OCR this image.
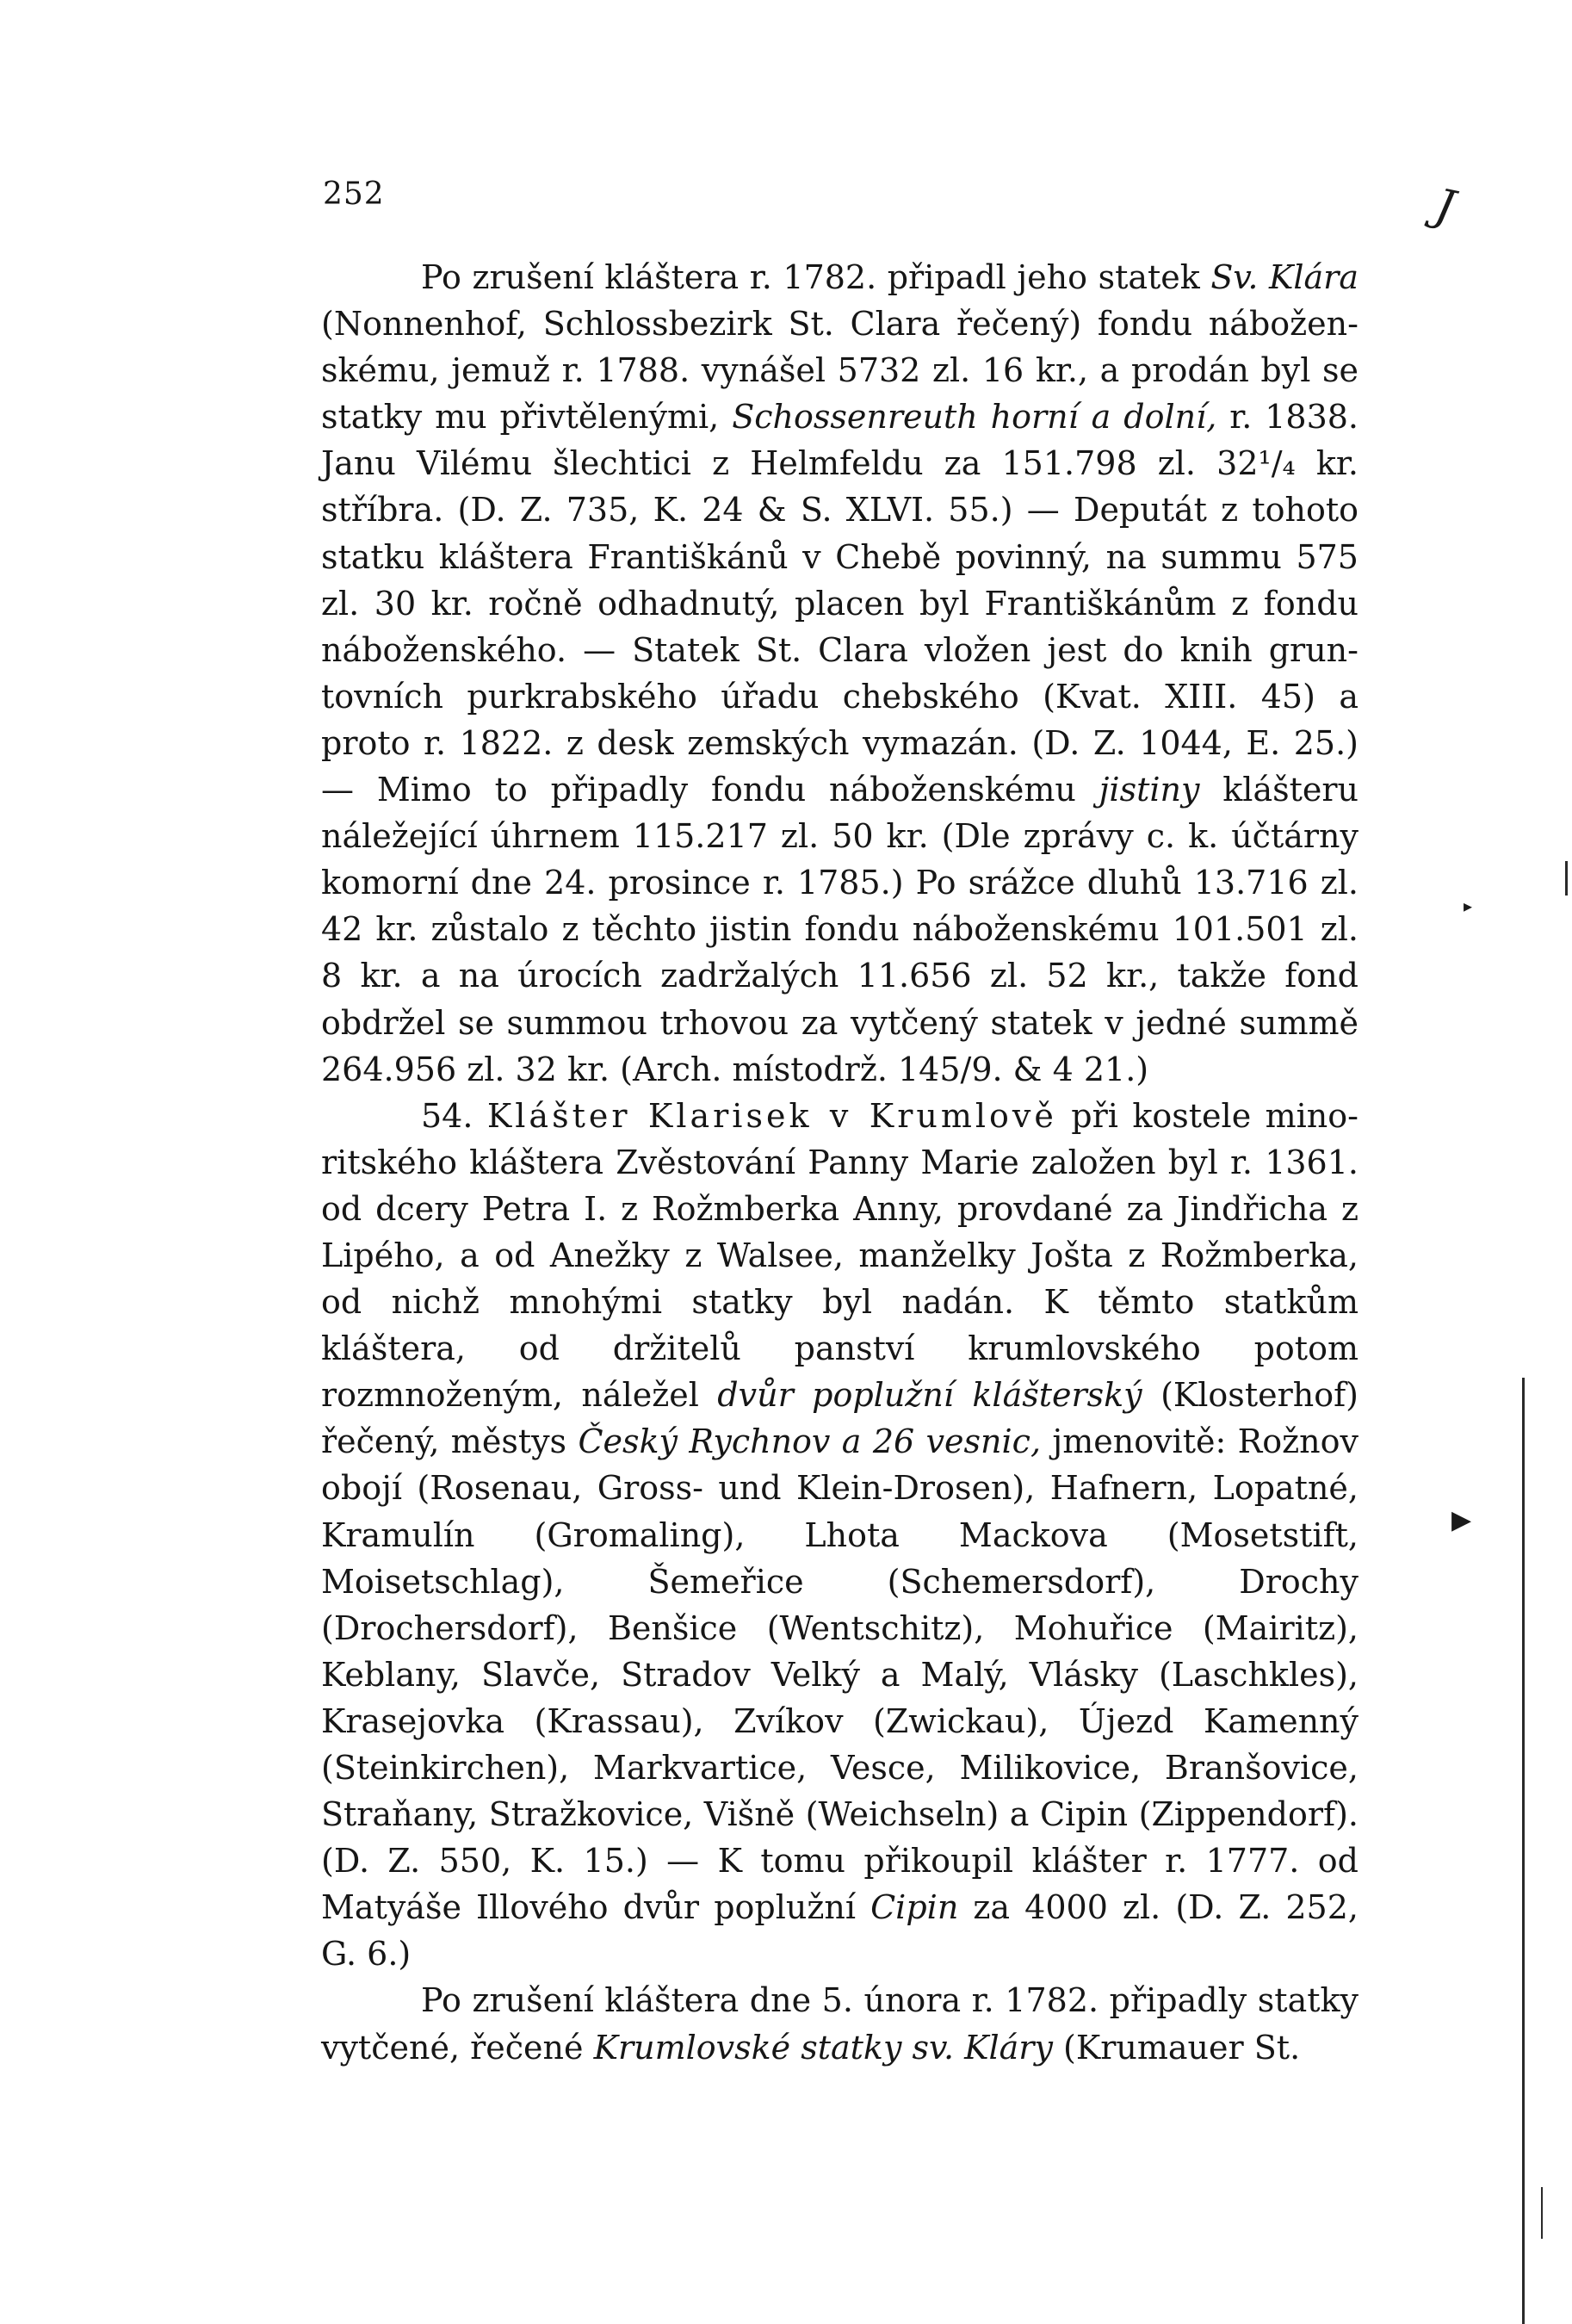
252	J
▸
▶

Po zrušení kláštera r. 1782. připadl jeho statek Sv. Klára (Nonnenhof, Schlossbezirk St. Clara řečený) fondu náboženskému, jemuž r. 1788. vynášel 5732 zl. 16 kr., a prodán byl se statky mu přivtělenými, Schossenreuth horní a dolní, r. 1838. Janu Vilému šlechtici z Helmfeldu za 151.798 zl. 32¹/₄ kr. stříbra. (D. Z. 735, K. 24 & S. XLVI. 55.) — Deputát z tohoto statku kláštera Františkánů v Chebě povinný, na summu 575 zl. 30 kr. ročně odhadnutý, placen byl Františkánům z fondu náboženského. — Statek St. Clara vložen jest do knih gruntovních purkrabského úřadu chebského (Kvat. XIII. 45) a proto r. 1822. z desk zemských vymazán. (D. Z. 1044, E. 25.) — Mimo to připadly fondu náboženskému jistiny klášteru náležející úhrnem 115.217 zl. 50 kr. (Dle zprávy c. k. účtárny komorní dne 24. prosince r. 1785.) Po srážce dluhů 13.716 zl. 42 kr. zůstalo z těchto jistin fondu náboženskému 101.501 zl. 8 kr. a na úrocích zadržalých 11.656 zl. 52 kr., takže fond obdržel se summou trhovou za vytčený statek v jedné summě 264.956 zl. 32 kr. (Arch. místodrž. 145/9. & 4 21.)

54. Klášter Klarisek v Krumlově při kostele minoritského kláštera Zvěstování Panny Marie založen byl r. 1361. od dcery Petra I. z Rožmberka Anny, provdané za Jindřicha z Lipého, a od Anežky z Walsee, manželky Jošta z Rožmberka, od nichž mnohými statky byl nadán. K těmto statkům kláštera, od držitelů panství krumlovského potom rozmnoženým, náležel dvůr poplužní klášterský (Klosterhof) řečený, městys Český Rychnov a 26 vesnic, jmenovitě: Rožnov obojí (Rosenau, Gross- und Klein-Drosen), Hafnern, Lopatné, Kramulín (Gromaling), Lhota Mackova (Mosetstift, Moisetschlag), Šemeřice (Schemersdorf), Drochy (Drochersdorf), Benšice (Wentschitz), Mohuřice (Mairitz), Keblany, Slavče, Stradov Velký a Malý, Vlásky (Laschkles), Krasejovka (Krassau), Zvíkov (Zwickau), Újezd Kamenný (Steinkirchen), Markvartice, Vesce, Milikovice, Branšovice, Straňany, Stražkovice, Višně (Weichseln) a Cipin (Zippendorf). (D. Z. 550, K. 15.) — K tomu přikoupil klášter r. 1777. od Matyáše Illového dvůr poplužní Cipin za 4000 zl. (D. Z. 252, G. 6.)

Po zrušení kláštera dne 5. února r. 1782. připadly statky vytčené, řečené Krumlovské statky sv. Kláry (Krumauer St.
